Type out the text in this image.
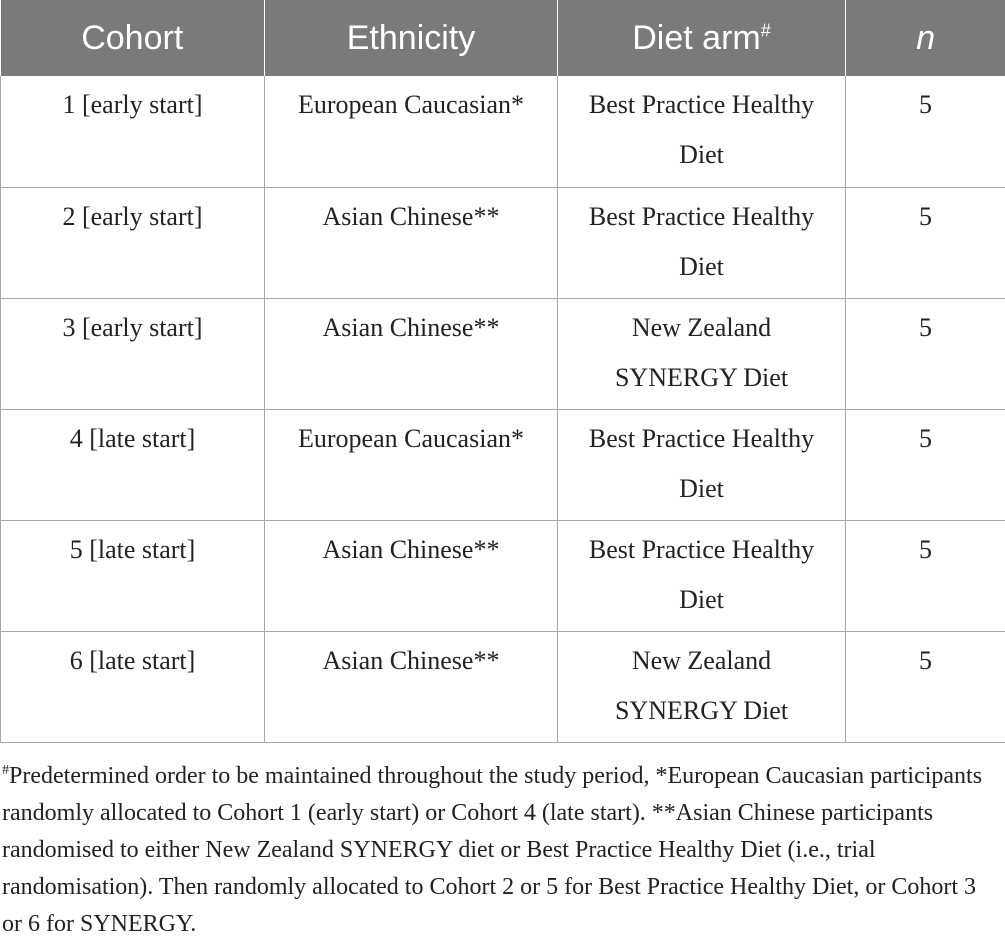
Cohort	Ethnicity	Diet arm#	n

1 [early start]	European Caucasian*	Best Practice Healthy Diet	5

2 [early start]	Asian Chinese**	Best Practice Healthy Diet	5

3 [early start]	Asian Chinese**	New Zealand SYNERGY Diet	5

4 [late start]	European Caucasian*	Best Practice Healthy Diet	5

5 [late start]	Asian Chinese**	Best Practice Healthy Diet	5

6 [late start]	Asian Chinese**	New Zealand SYNERGY Diet	5
#Predetermined order to be maintained throughout the study period, *European Caucasian participants randomly allocated to Cohort 1 (early start) or Cohort 4 (late start). **Asian Chinese participants randomised to either New Zealand SYNERGY diet or Best Practice Healthy Diet (i.e., trial randomisation). Then randomly allocated to Cohort 2 or 5 for Best Practice Healthy Diet, or Cohort 3 or 6 for SYNERGY.
